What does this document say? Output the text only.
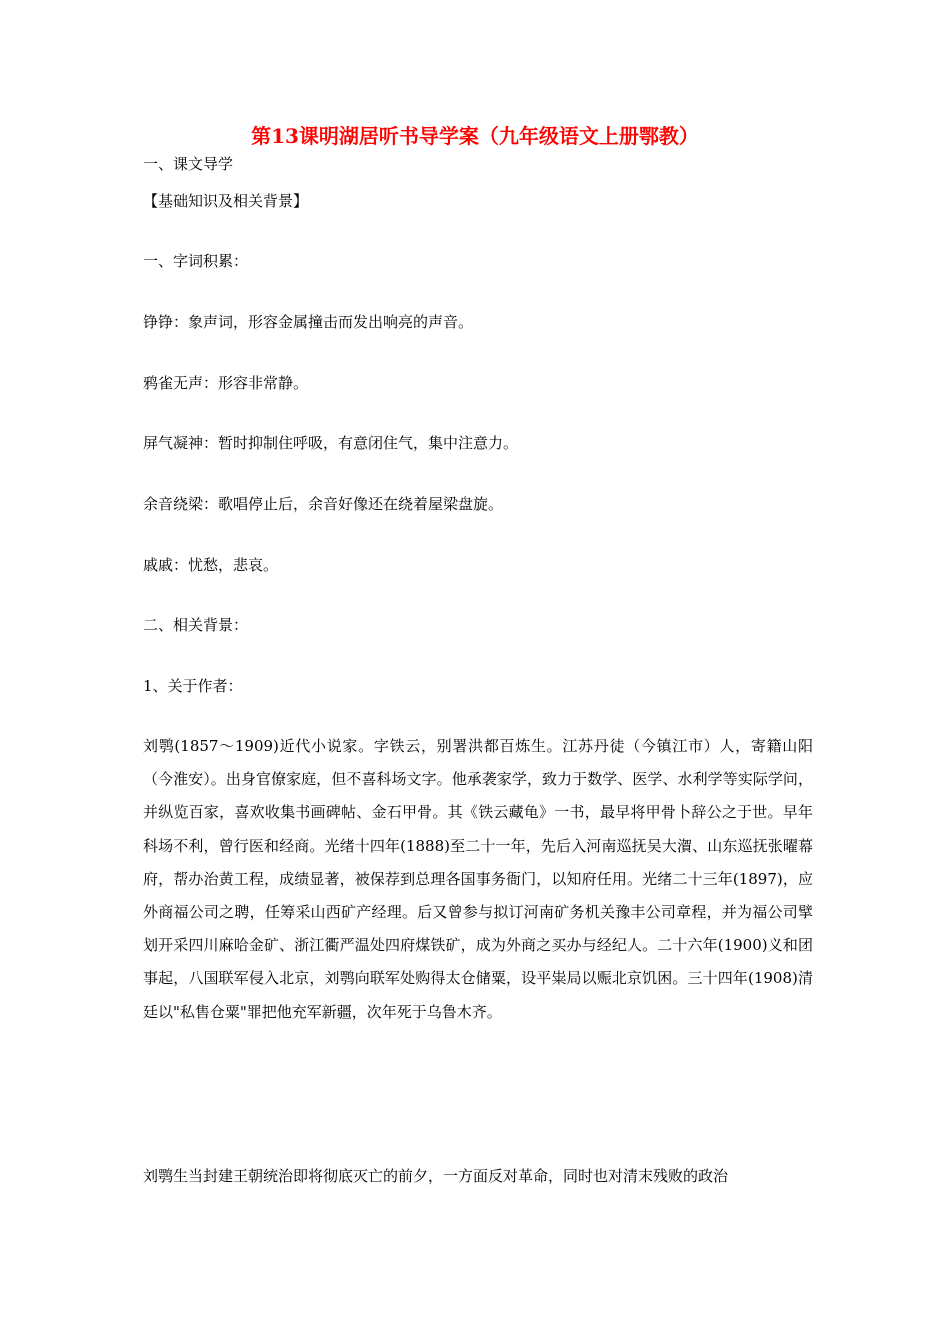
第13课明湖居听书导学案（九年级语文上册鄂教）
一、课文导学
【基础知识及相关背景】
一、字词积累：
铮铮：象声词，形容金属撞击而发出响亮的声音。
鸦雀无声：形容非常静。
屏气凝神：暂时抑制住呼吸，有意闭住气，集中注意力。
余音绕梁：歌唱停止后，余音好像还在绕着屋梁盘旋。
戚戚：忧愁，悲哀。
二、相关背景：
1、关于作者：
刘鹗(1857～1909)近代小说家。字铁云，别署洪都百炼生。江苏丹徒（今镇江市）人，寄籍山阳（今淮安）。出身官僚家庭，但不喜科场文字。他承袭家学，致力于数学、医学、水利学等实际学问，并纵览百家，喜欢收集书画碑帖、金石甲骨。其《铁云藏龟》一书，最早将甲骨卜辞公之于世。早年科场不利，曾行医和经商。光绪十四年(1888)至二十一年，先后入河南巡抚吴大㵑、山东巡抚张曜幕府，帮办治黄工程，成绩显著，被保荐到总理各国事务衙门，以知府任用。光绪二十三年(1897)，应外商福公司之聘，任筹采山西矿产经理。后又曾参与拟订河南矿务机关豫丰公司章程，并为福公司擘划开采四川麻哈金矿、浙江衢严温处四府煤铁矿，成为外商之买办与经纪人。二十六年(1900)义和团事起，八国联军侵入北京，刘鹗向联军处购得太仓储粟，设平粜局以赈北京饥困。三十四年(1908)清廷以"私售仓粟"罪把他充军新疆，次年死于乌鲁木齐。
刘鹗生当封建王朝统治即将彻底灭亡的前夕，一方面反对革命，同时也对清末残败的政治
